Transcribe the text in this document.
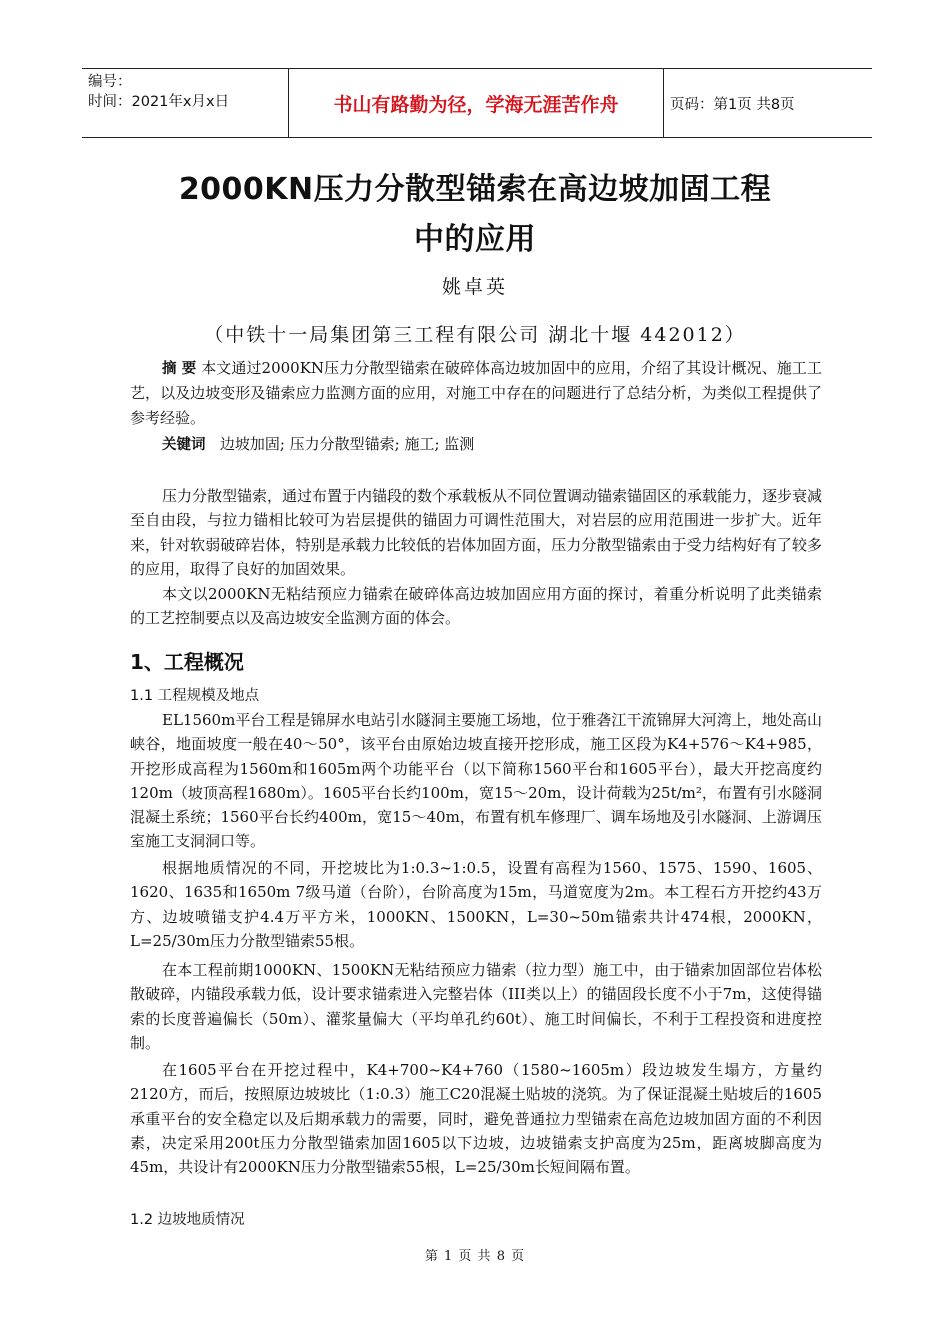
编号：
时间：2021年x月x日	书山有路勤为径，学海无涯苦作舟	页码：第1页 共8页
2000KN压力分散型锚索在高边坡加固工程
中的应用
姚卓英
（中铁十一局集团第三工程有限公司 湖北十堰 442012）
摘 要 本文通过2000KN压力分散型锚索在破碎体高边坡加固中的应用，介绍了其设计概况、施工工艺，以及边坡变形及锚索应力监测方面的应用，对施工中存在的问题进行了总结分析，为类似工程提供了参考经验。
关键词 边坡加固; 压力分散型锚索; 施工; 监测
压力分散型锚索，通过布置于内锚段的数个承载板从不同位置调动锚索锚固区的承载能力，逐步衰减至自由段，与拉力锚相比较可为岩层提供的锚固力可调性范围大，对岩层的应用范围进一步扩大。近年来，针对软弱破碎岩体，特别是承载力比较低的岩体加固方面，压力分散型锚索由于受力结构好有了较多的应用，取得了良好的加固效果。
本文以2000KN无粘结预应力锚索在破碎体高边坡加固应用方面的探讨，着重分析说明了此类锚索的工艺控制要点以及高边坡安全监测方面的体会。
1、工程概况
1.1 工程规模及地点
EL1560m平台工程是锦屏水电站引水隧洞主要施工场地，位于雅砻江干流锦屏大河湾上，地处高山峡谷，地面坡度一般在40～50°，该平台由原始边坡直接开挖形成，施工区段为K4+576～K4+985，开挖形成高程为1560m和1605m两个功能平台（以下简称1560平台和1605平台），最大开挖高度约120m（坡顶高程1680m）。1605平台长约100m，宽15～20m，设计荷载为25t/m²，布置有引水隧洞混凝土系统；1560平台长约400m，宽15～40m，布置有机车修理厂、调车场地及引水隧洞、上游调压室施工支洞洞口等。
根据地质情况的不同，开挖坡比为1:0.3~1:0.5，设置有高程为1560、1575、1590、1605、1620、1635和1650m 7级马道（台阶），台阶高度为15m，马道宽度为2m。本工程石方开挖约43万方、边坡喷锚支护4.4万平方米，1000KN、1500KN，L=30~50m锚索共计474根，2000KN，L=25/30m压力分散型锚索55根。
在本工程前期1000KN、1500KN无粘结预应力锚索（拉力型）施工中，由于锚索加固部位岩体松散破碎，内锚段承载力低，设计要求锚索进入完整岩体（III类以上）的锚固段长度不小于7m，这使得锚索的长度普遍偏长（50m）、灌浆量偏大（平均单孔约60t）、施工时间偏长，不利于工程投资和进度控制。
在1605平台在开挖过程中，K4+700~K4+760（1580~1605m）段边坡发生塌方，方量约2120方，而后，按照原边坡坡比（1:0.3）施工C20混凝土贴坡的浇筑。为了保证混凝土贴坡后的1605承重平台的安全稳定以及后期承载力的需要，同时，避免普通拉力型锚索在高危边坡加固方面的不利因素，决定采用200t压力分散型锚索加固1605以下边坡，边坡锚索支护高度为25m，距离坡脚高度为45m，共设计有2000KN压力分散型锚索55根，L=25/30m长短间隔布置。
1.2 边坡地质情况
第 1 页 共 8 页
